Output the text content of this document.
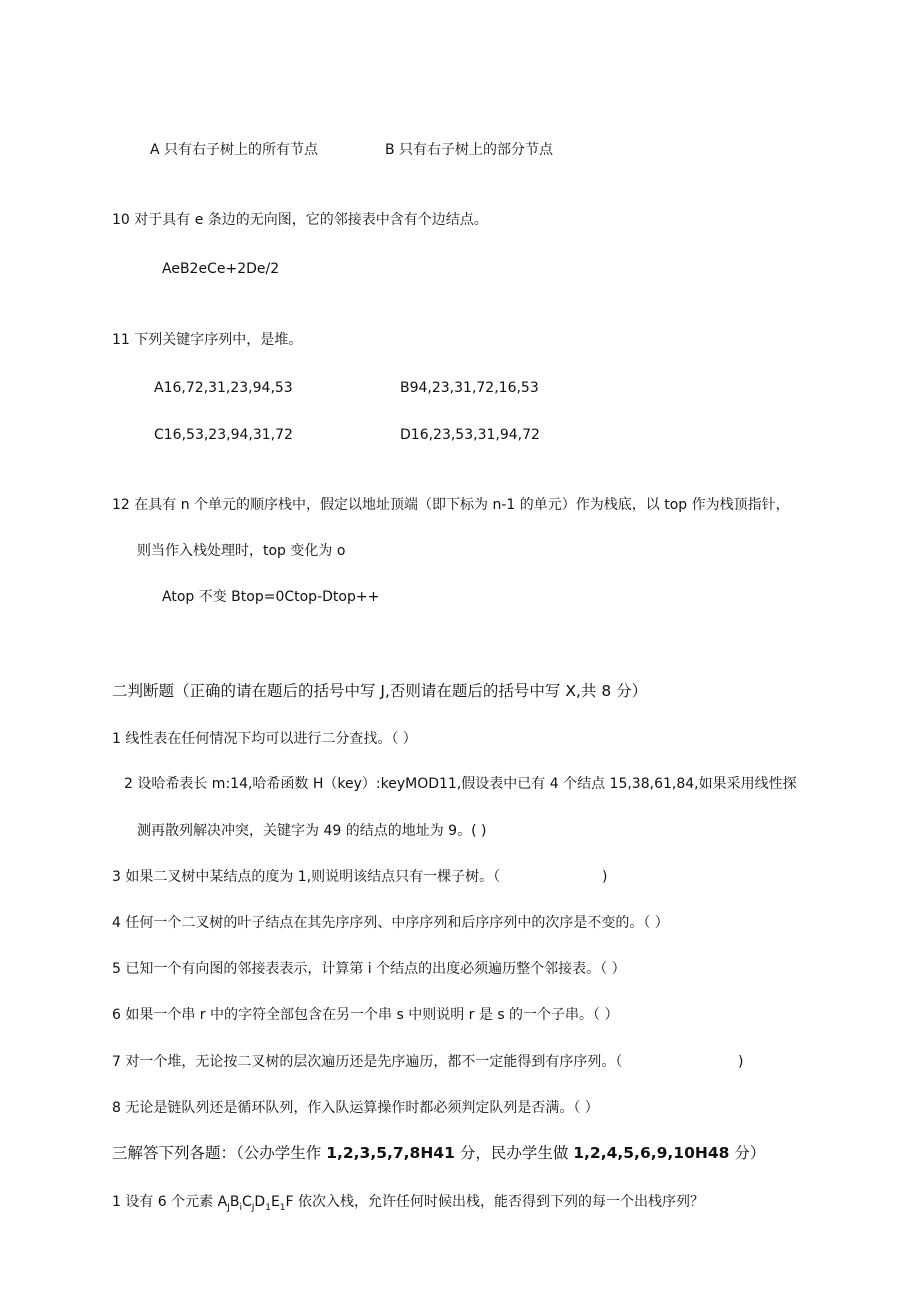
A 只有右子树上的所有节点	B 只有右子树上的部分节点
10 对于具有 e 条边的无向图，它的邻接表中含有个边结点。
AeB2eCe+2De/2
11 下列关键字序列中，是堆。
A16,72,31,23,94,53	B94,23,31,72,16,53
C16,53,23,94,31,72	D16,23,53,31,94,72
12 在具有 n 个单元的顺序栈中，假定以地址顶端（即下标为 n-1 的单元）作为栈底，以 top 作为栈顶指针，
则当作入栈处理时，top 变化为 o
Atop 不变 Btop=0Ctop-Dtop++
二判断题（正确的请在题后的括号中写 J,否则请在题后的括号中写 X,共 8 分）
1 线性表在任何情况下均可以进行二分查找。（ ）
2 设哈希表长 m:14,哈希函数 H（key）:keyMOD11,假设表中已有 4 个结点 15,38,61,84,如果采用线性探
测再散列解决冲突，关键字为 49 的结点的地址为 9。( )
3 如果二叉树中某结点的度为 1,则说明该结点只有一棵子树。（	)
4 任何一个二叉树的叶子结点在其先序序列、中序序列和后序序列中的次序是不变的。（ ）
5 已知一个有向图的邻接表表示，计算第 i 个结点的出度必须遍历整个邻接表。（ ）
6 如果一个串 r 中的字符全部包含在另一个串 s 中则说明 r 是 s 的一个子串。（ ）
7 对一个堆，无论按二叉树的层次遍历还是先序遍历，都不一定能得到有序序列。（	)
8 无论是链队列还是循环队列，作入队运算操作时都必须判定队列是否满。（ ）
三解答下列各题：（公办学生作 1,2,3,5,7,8H41 分，民办学生做 1,2,4,5,6,9,10H48 分）
1 设有 6 个元素 $A_JB_iC_JD_1E_1F$ 依次入栈，允许任何时候出栈，能否得到下列的每一个出栈序列？
